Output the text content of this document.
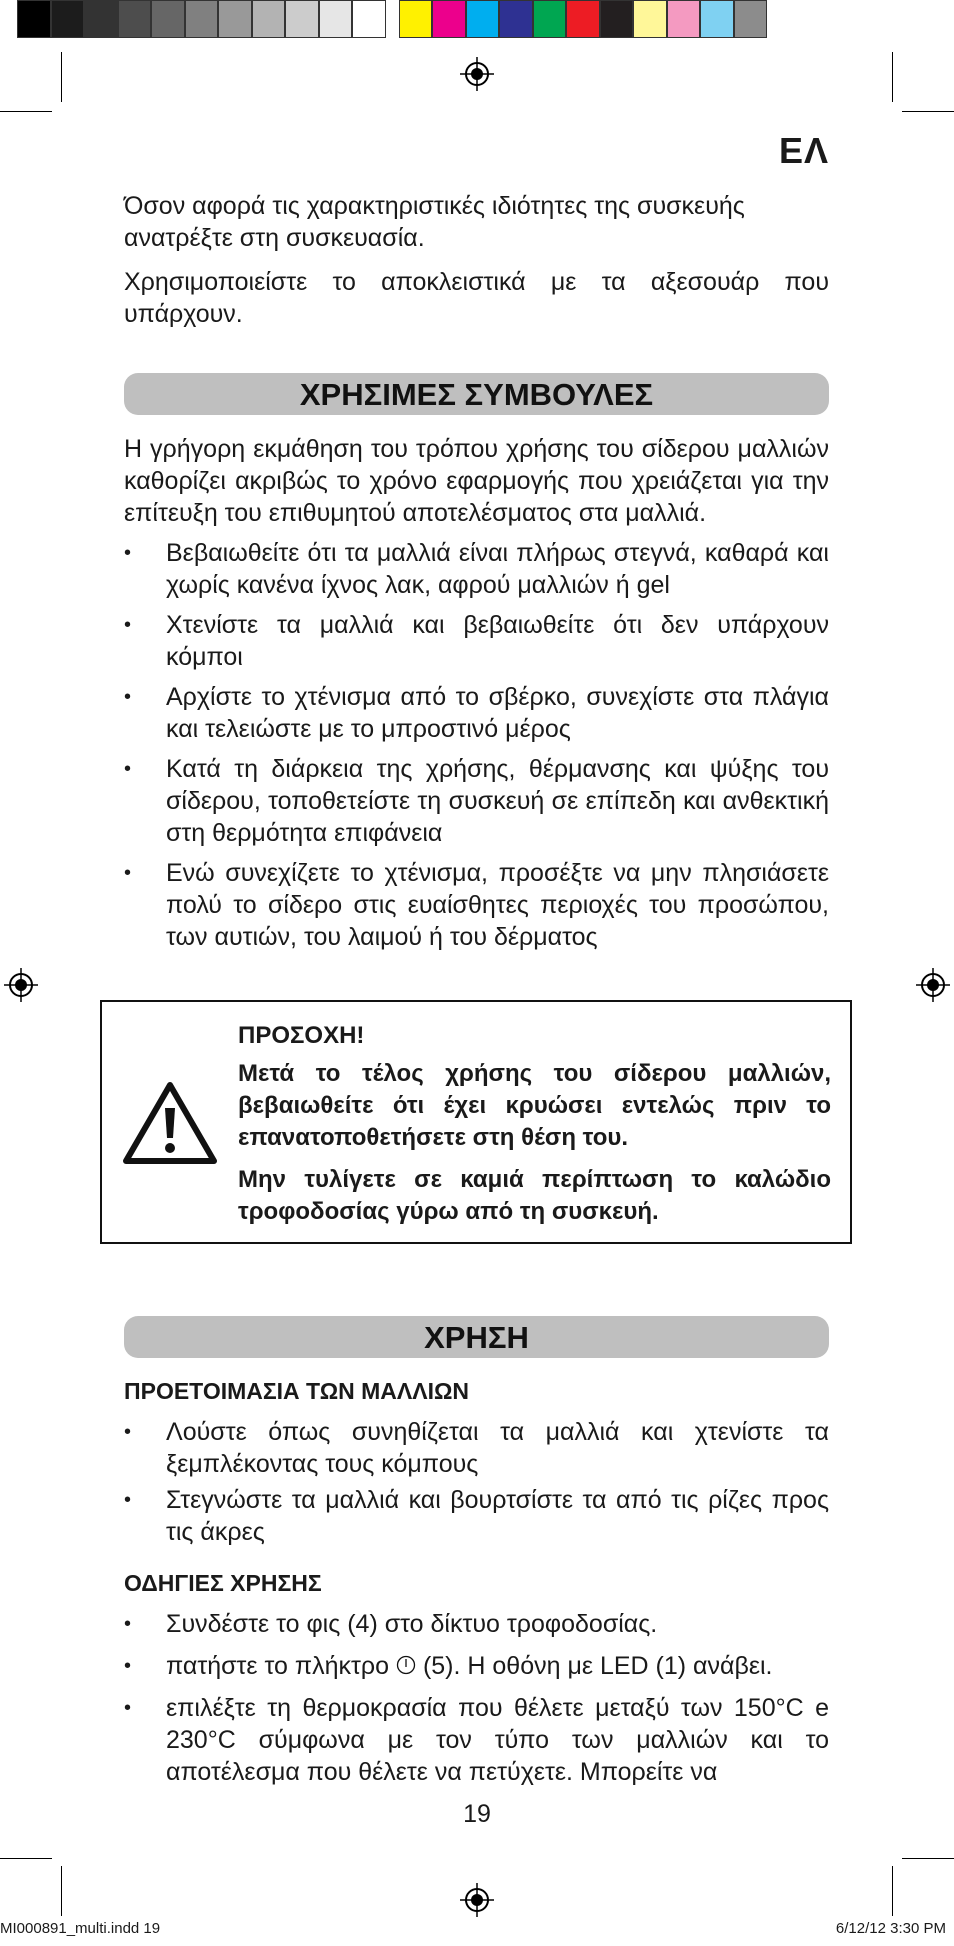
ΕΛ

Όσον αφορά τις χαρακτηριστικές ιδιότητες της συσκευής ανατρέξτε στη συσκευασία.

Χρησιμοποιείστε το αποκλειστικά με τα αξεσουάρ που υπάρχουν.

ΧΡΗΣΙΜΕΣ ΣΥΜΒΟΥΛΕΣ

Η γρήγορη εκμάθηση του τρόπου χρήσης του σίδερου μαλλιών καθορίζει ακριβώς το χρόνο εφαρμογής που χρειάζεται για την επίτευξη του επιθυμητού αποτελέσματος στα μαλλιά.

• Βεβαιωθείτε ότι τα μαλλιά είναι πλήρως στεγνά, καθαρά και χωρίς κανένα ίχνος λακ, αφρού μαλλιών ή gel
• Χτενίστε τα μαλλιά και βεβαιωθείτε ότι δεν υπάρχουν κόμποι
• Αρχίστε το χτένισμα από το σβέρκο, συνεχίστε στα πλάγια και τελειώστε με το μπροστινό μέρος
• Κατά τη διάρκεια της χρήσης, θέρμανσης και ψύξης του σίδερου, τοποθετείστε τη συσκευή σε επίπεδη και ανθεκτική στη θερμότητα επιφάνεια
• Ενώ συνεχίζετε το χτένισμα, προσέξτε να μην πλησιάσετε πολύ το σίδερο στις ευαίσθητες περιοχές του προσώπου, των αυτιών, του λαιμού ή του δέρματος

ΠΡΟΣΟΧΗ!

Μετά το τέλος χρήσης του σίδερου μαλλιών, βεβαιωθείτε ότι έχει κρυώσει εντελώς πριν το επανατοποθετήσετε στη θέση του.

Μην τυλίγετε σε καμιά περίπτωση το καλώδιο τροφοδοσίας γύρω από τη συσκευή.

ΧΡΗΣΗ
ΠΡΟΕΤΟΙΜΑΣΙΑ ΤΩΝ ΜΑΛΛΙΩΝ
• Λούστε όπως συνηθίζεται τα μαλλιά και χτενίστε τα ξεμπλέκοντας τους κόμπους
• Στεγνώστε τα μαλλιά και βουρτσίστε τα από τις ρίζες προς τις άκρες
ΟΔΗΓΙΕΣ ΧΡΗΣΗΣ
• Συνδέστε το φις (4) στο δίκτυο τροφοδοσίας.
• πατήστε το πλήκτρο (5). Η οθόνη με LED (1) ανάβει.
• επιλέξτε τη θερμοκρασία που θέλετε μεταξύ των 150°C e 230°C σύμφωνα με τον τύπο των μαλλιών και το αποτέλεσμα που θέλετε να πετύχετε. Μπορείτε να
19
MI000891_multi.indd 19	6/12/12 3:30 PM
